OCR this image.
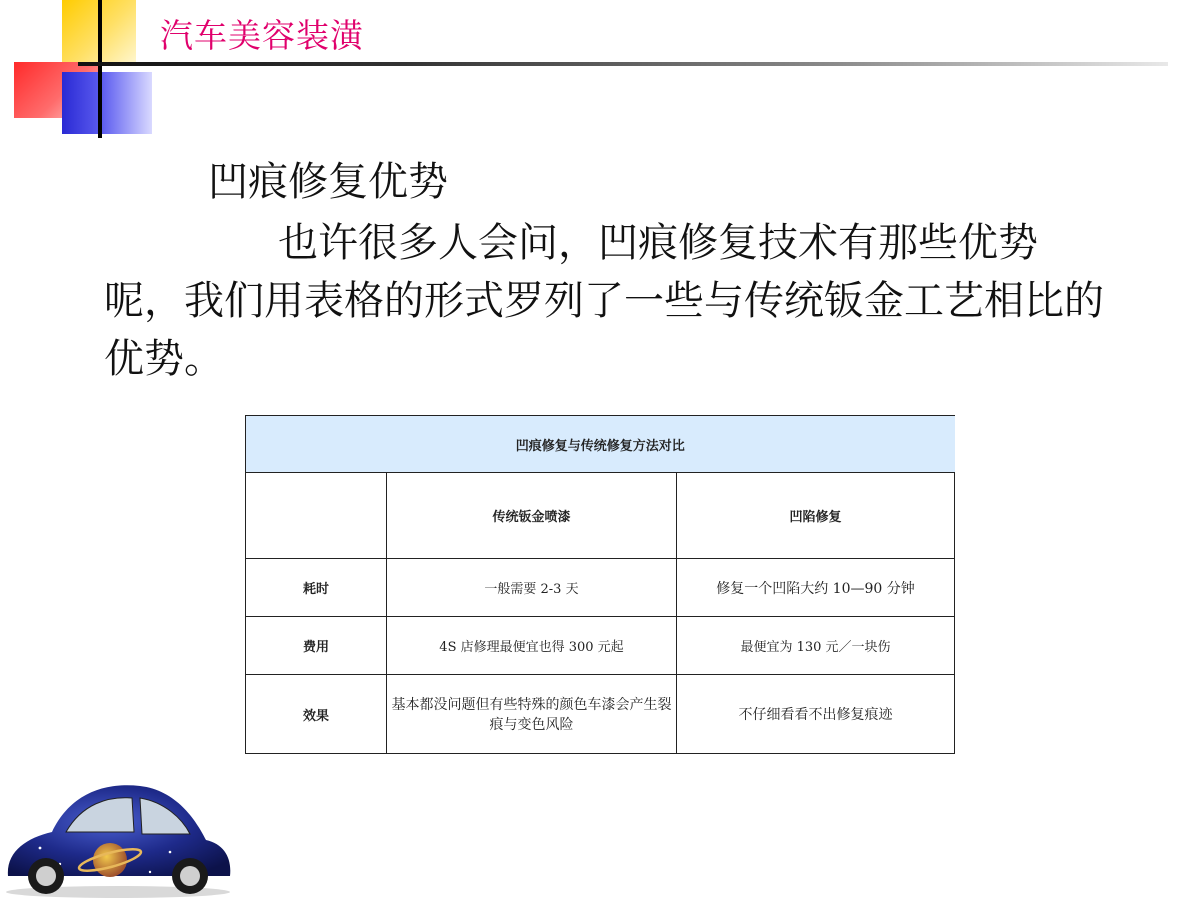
汽车美容装潢
凹痕修复优势

也许很多人会问，凹痕修复技术有那些优势呢，我们用表格的形式罗列了一些与传统钣金工艺相比的优势。

凹痕修复与传统修复方法对比		
	传统钣金喷漆	凹陷修复
耗时	一般需要 2-3 天	修复一个凹陷大约 10—90 分钟
费用	4S 店修理最便宜也得 300 元起	最便宜为 130 元／一块伤
效果	基本都没问题但有些特殊的颜色车漆会产生裂痕与变色风险	不仔细看看不出修复痕迹
